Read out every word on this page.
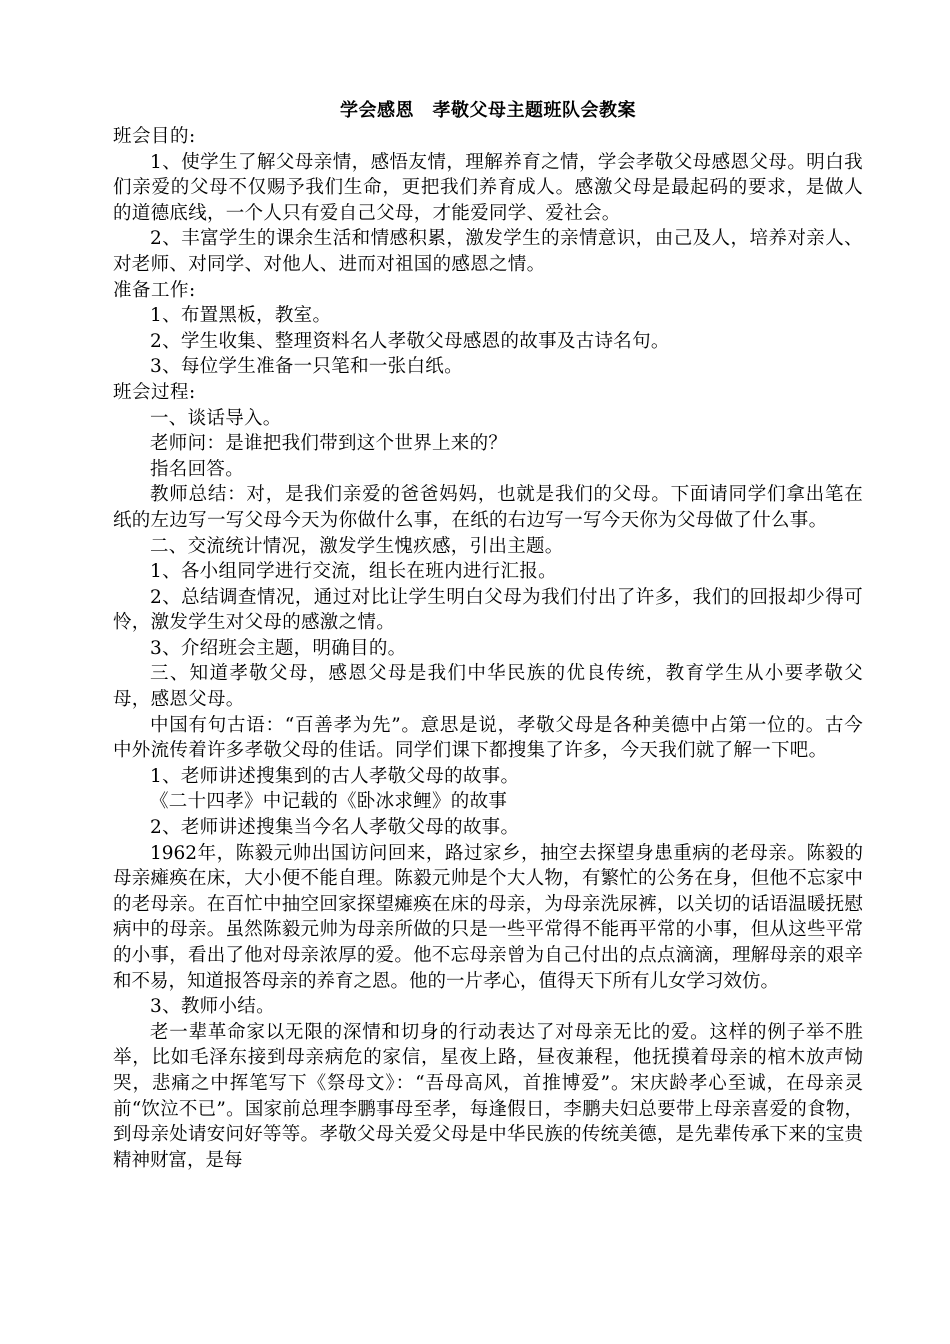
学会感恩　孝敬父母主题班队会教案

班会目的:

1、使学生了解父母亲情，感悟友情，理解养育之情，学会孝敬父母感恩父母。明白我们亲爱的父母不仅赐予我们生命，更把我们养育成人。感激父母是最起码的要求，是做人的道德底线，一个人只有爱自己父母，才能爱同学、爱社会。

2、丰富学生的课余生活和情感积累，激发学生的亲情意识，由己及人，培养对亲人、对老师、对同学、对他人、进而对祖国的感恩之情。

准备工作:

1、布置黑板，教室。

2、学生收集、整理资料名人孝敬父母感恩的故事及古诗名句。

3、每位学生准备一只笔和一张白纸。

班会过程:

一、谈话导入。

老师问：是谁把我们带到这个世界上来的？

指名回答。

教师总结：对，是我们亲爱的爸爸妈妈，也就是我们的父母。下面请同学们拿出笔在纸的左边写一写父母今天为你做什么事，在纸的右边写一写今天你为父母做了什么事。

二、交流统计情况，激发学生愧疚感，引出主题。

1、各小组同学进行交流，组长在班内进行汇报。

2、总结调查情况，通过对比让学生明白父母为我们付出了许多，我们的回报却少得可怜，激发学生对父母的感激之情。

3、介绍班会主题，明确目的。

三、知道孝敬父母，感恩父母是我们中华民族的优良传统，教育学生从小要孝敬父母，感恩父母。

中国有句古语：“百善孝为先”。意思是说，孝敬父母是各种美德中占第一位的。古今中外流传着许多孝敬父母的佳话。同学们课下都搜集了许多，今天我们就了解一下吧。

1、老师讲述搜集到的古人孝敬父母的故事。

《二十四孝》中记载的《卧冰求鲤》的故事

2、老师讲述搜集当今名人孝敬父母的故事。

1962年，陈毅元帅出国访问回来，路过家乡，抽空去探望身患重病的老母亲。陈毅的母亲瘫痪在床，大小便不能自理。陈毅元帅是个大人物，有繁忙的公务在身，但他不忘家中的老母亲。在百忙中抽空回家探望瘫痪在床的母亲，为母亲洗尿裤，以关切的话语温暖抚慰病中的母亲。虽然陈毅元帅为母亲所做的只是一些平常得不能再平常的小事，但从这些平常的小事，看出了他对母亲浓厚的爱。他不忘母亲曾为自己付出的点点滴滴，理解母亲的艰辛和不易，知道报答母亲的养育之恩。他的一片孝心，值得天下所有儿女学习效仿。

3、教师小结。

老一辈革命家以无限的深情和切身的行动表达了对母亲无比的爱。这样的例子举不胜举，比如毛泽东接到母亲病危的家信，星夜上路，昼夜兼程，他抚摸着母亲的棺木放声恸哭，悲痛之中挥笔写下《祭母文》：“吾母高风，首推博爱”。宋庆龄孝心至诚，在母亲灵前“饮泣不已”。国家前总理李鹏事母至孝，每逢假日，李鹏夫妇总要带上母亲喜爱的食物，到母亲处请安问好等等。孝敬父母关爱父母是中华民族的传统美德，是先辈传承下来的宝贵精神财富，是每
